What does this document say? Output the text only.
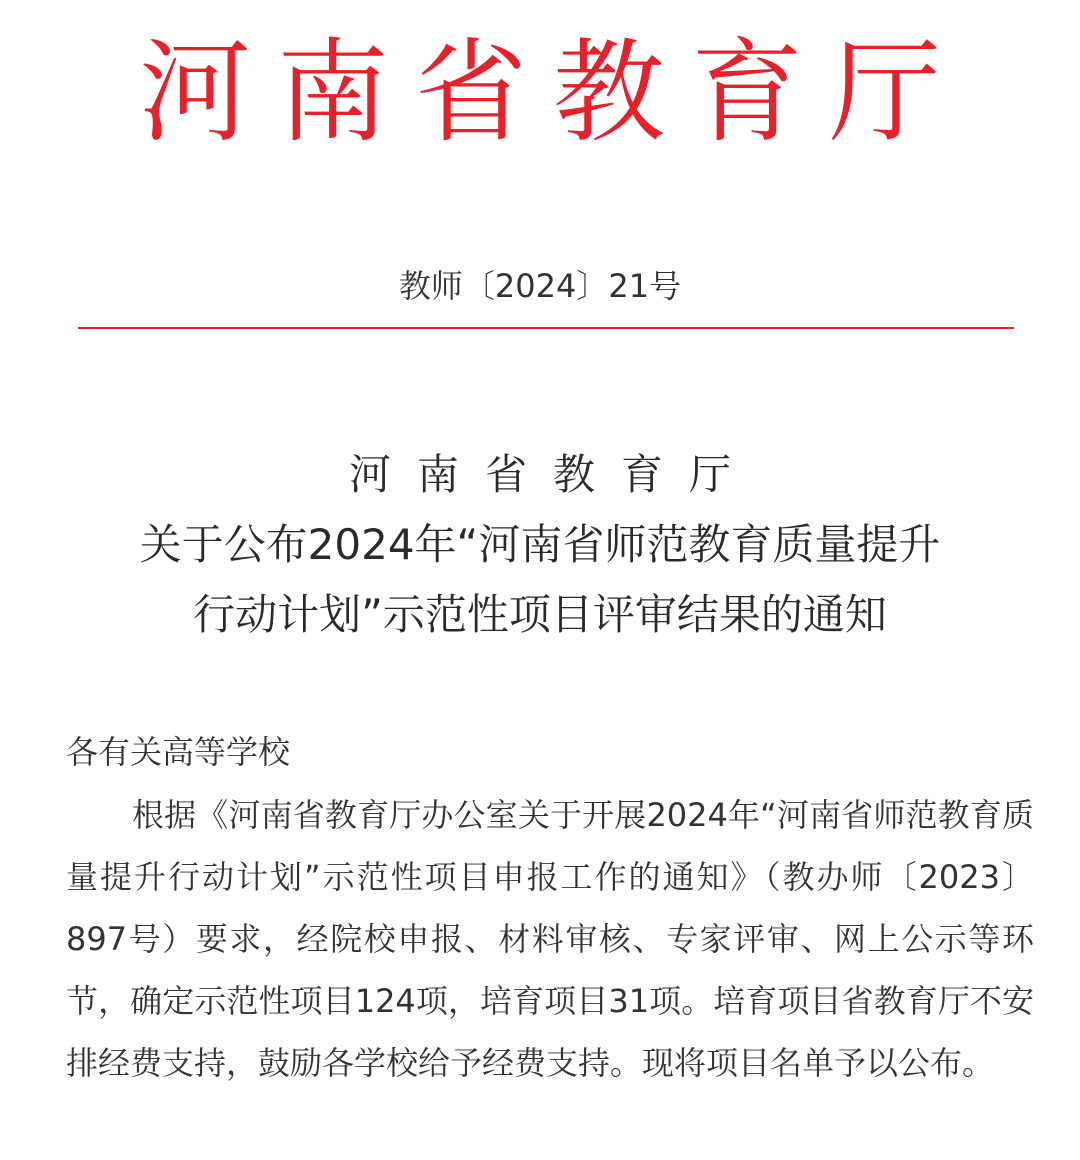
河南省教育厅
教师〔2024〕21号
河南省教育厅
关于公布2024年“河南省师范教育质量提升
行动计划”示范性项目评审结果的通知
各有关高等学校
根据《河南省教育厅办公室关于开展2024年“河南省师范教育质量提升行动计划”示范性项目申报工作的通知》（教办师〔2023〕897号）要求，经院校申报、材料审核、专家评审、网上公示等环节，确定示范性项目124项，培育项目31项。培育项目省教育厅不安排经费支持，鼓励各学校给予经费支持。现将项目名单予以公布。
